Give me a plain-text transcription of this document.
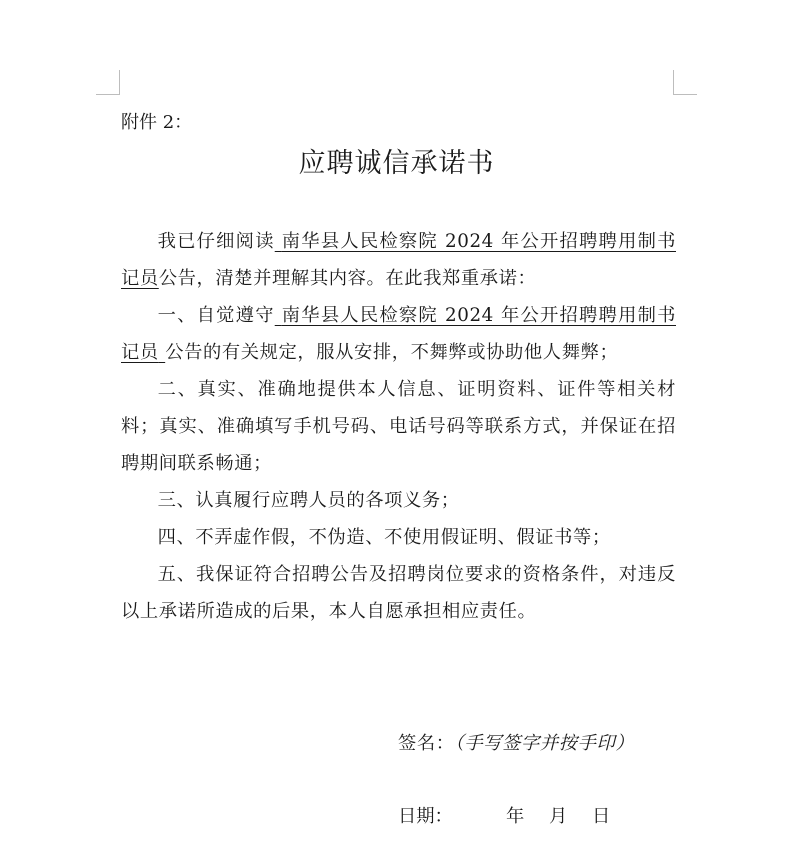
附件 2：
应聘诚信承诺书

我已仔细阅读 南华县人民检察院 2024 年公开招聘聘用制书记员公告，清楚并理解其内容。在此我郑重承诺：

一、自觉遵守 南华县人民检察院 2024 年公开招聘聘用制书记员 公告的有关规定，服从安排，不舞弊或协助他人舞弊；

二、真实、准确地提供本人信息、证明资料、证件等相关材料；真实、准确填写手机号码、电话号码等联系方式，并保证在招聘期间联系畅通；

三、认真履行应聘人员的各项义务；

四、不弄虚作假，不伪造、不使用假证明、假证书等；

五、我保证符合招聘公告及招聘岗位要求的资格条件，对违反以上承诺所造成的后果，本人自愿承担相应责任。

签名：（手写签字并按手印）
日期：	年 月 日
